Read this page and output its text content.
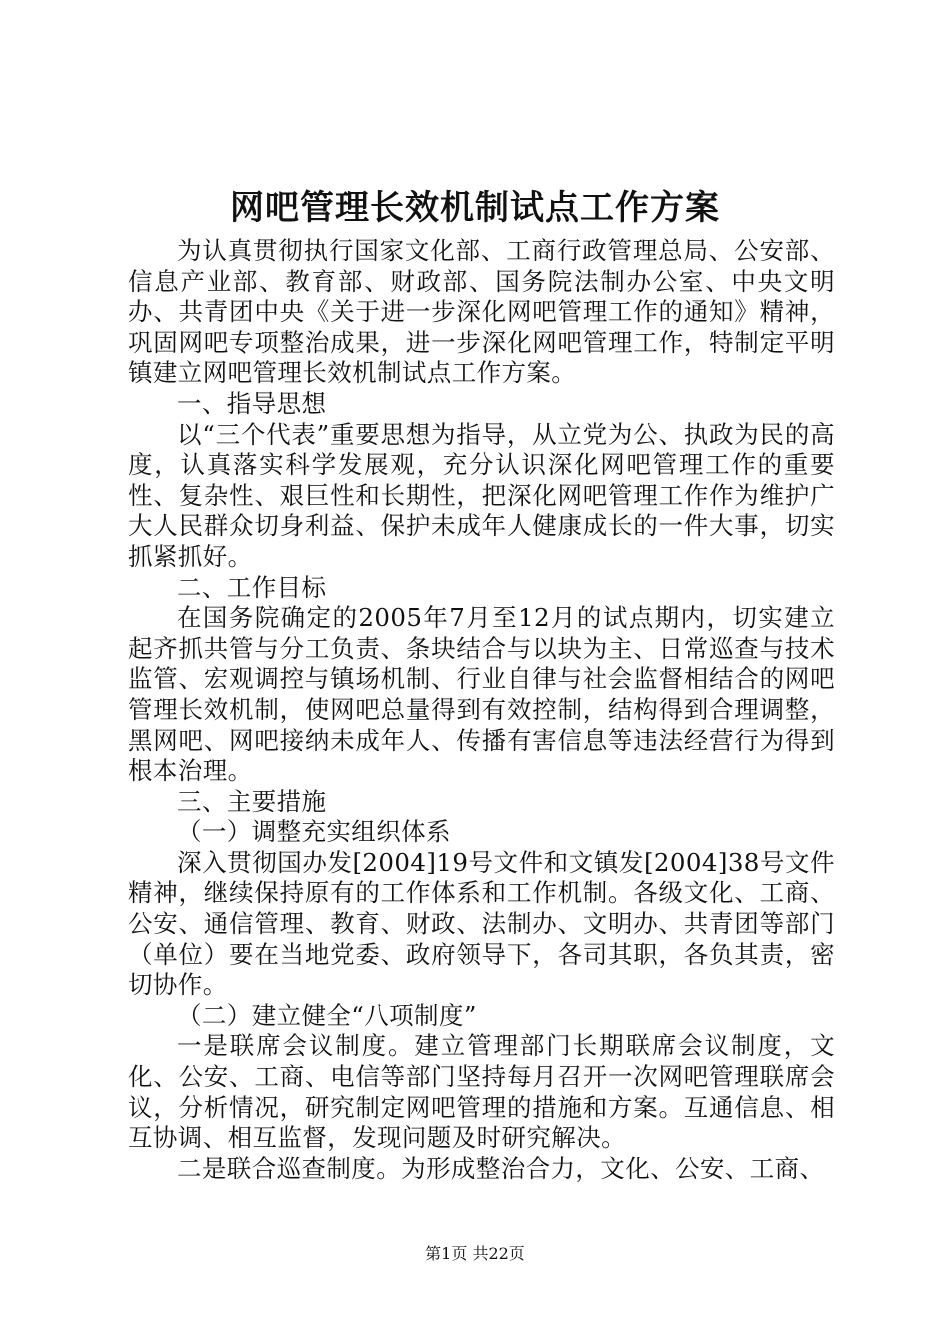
网吧管理长效机制试点工作方案

为认真贯彻执行国家文化部、工商行政管理总局、公安部、信息产业部、教育部、财政部、国务院法制办公室、中央文明办、共青团中央《关于进一步深化网吧管理工作的通知》精神，巩固网吧专项整治成果，进一步深化网吧管理工作，特制定平明镇建立网吧管理长效机制试点工作方案。

一、指导思想

以“三个代表”重要思想为指导，从立党为公、执政为民的高度，认真落实科学发展观，充分认识深化网吧管理工作的重要性、复杂性、艰巨性和长期性，把深化网吧管理工作作为维护广大人民群众切身利益、保护未成年人健康成长的一件大事，切实抓紧抓好。

二、工作目标

在国务院确定的2005年7月至12月的试点期内，切实建立起齐抓共管与分工负责、条块结合与以块为主、日常巡查与技术监管、宏观调控与镇场机制、行业自律与社会监督相结合的网吧管理长效机制，使网吧总量得到有效控制，结构得到合理调整，黑网吧、网吧接纳未成年人、传播有害信息等违法经营行为得到根本治理。

三、主要措施

（一）调整充实组织体系

深入贯彻国办发[2004]19号文件和文镇发[2004]38号文件精神，继续保持原有的工作体系和工作机制。各级文化、工商、公安、通信管理、教育、财政、法制办、文明办、共青团等部门（单位）要在当地党委、政府领导下，各司其职，各负其责，密切协作。

（二）建立健全“八项制度”

一是联席会议制度。建立管理部门长期联席会议制度，文化、公安、工商、电信等部门坚持每月召开一次网吧管理联席会议，分析情况，研究制定网吧管理的措施和方案。互通信息、相互协调、相互监督，发现问题及时研究解决。

二是联合巡查制度。为形成整治合力，文化、公安、工商、

第1页 共22页
